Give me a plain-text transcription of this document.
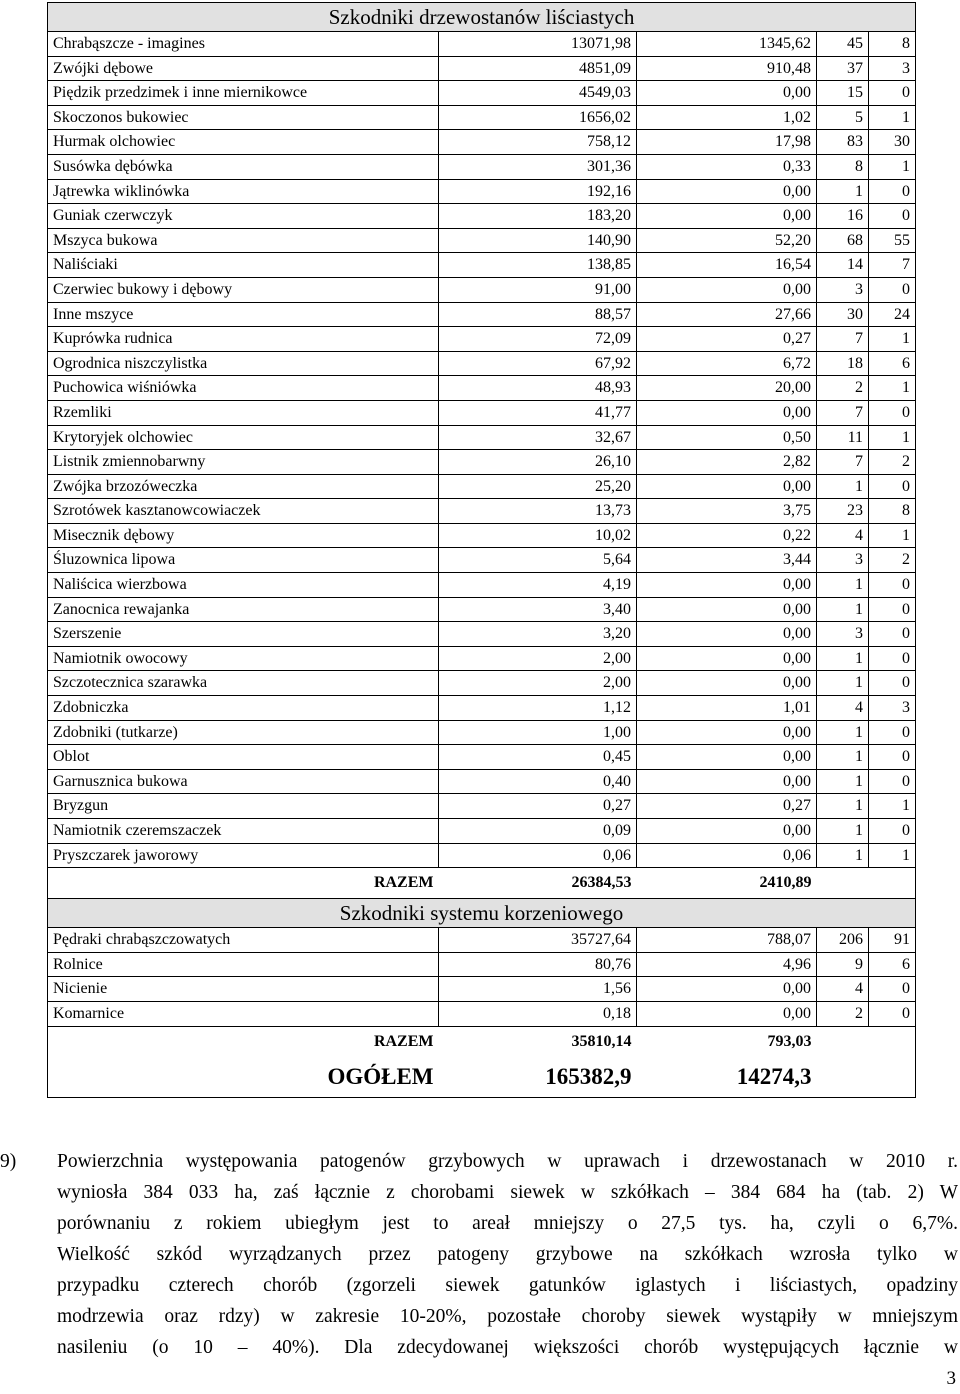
Szkodniki drzewostanów liściastych				
Chrabąszcze - imagines	13071,98	1345,62	45	8
Zwójki dębowe	4851,09	910,48	37	3
Piędzik przedzimek i inne miernikowce	4549,03	0,00	15	0
Skoczonos bukowiec	1656,02	1,02	5	1
Hurmak olchowiec	758,12	17,98	83	30
Susówka dębówka	301,36	0,33	8	1
Jątrewka wiklinówka	192,16	0,00	1	0
Guniak czerwczyk	183,20	0,00	16	0
Mszyca bukowa	140,90	52,20	68	55
Naliściaki	138,85	16,54	14	7
Czerwiec bukowy i dębowy	91,00	0,00	3	0
Inne mszyce	88,57	27,66	30	24
Kuprówka rudnica	72,09	0,27	7	1
Ogrodnica niszczylistka	67,92	6,72	18	6
Puchowica wiśniówka	48,93	20,00	2	1
Rzemliki	41,77	0,00	7	0
Krytoryjek olchowiec	32,67	0,50	11	1
Listnik zmiennobarwny	26,10	2,82	7	2
Zwójka brzozóweczka	25,20	0,00	1	0
Szrotówek kasztanowcowiaczek	13,73	3,75	23	8
Misecznik dębowy	10,02	0,22	4	1
Śluzownica lipowa	5,64	3,44	3	2
Naliścica wierzbowa	4,19	0,00	1	0
Zanocnica rewajanka	3,40	0,00	1	0
Szerszenie	3,20	0,00	3	0
Namiotnik owocowy	2,00	0,00	1	0
Szczotecznica szarawka	2,00	0,00	1	0
Zdobniczka	1,12	1,01	4	3
Zdobniki (tutkarze)	1,00	0,00	1	0
Oblot	0,45	0,00	1	0
Garnusznica bukowa	0,40	0,00	1	0
Bryzgun	0,27	0,27	1	1
Namiotnik czeremszaczek	0,09	0,00	1	0
Pryszczarek jaworowy	0,06	0,06	1	1
RAZEM	26384,53	2410,89		
Szkodniki systemu korzeniowego				
Pędraki chrabąszczowatych	35727,64	788,07	206	91
Rolnice	80,76	4,96	9	6
Nicienie	1,56	0,00	4	0
Komarnice	0,18	0,00	2	0
RAZEM	35810,14	793,03		
OGÓŁEM	165382,9	14274,3		
9)	Powierzchnia występowania patogenów grzybowych w uprawach i drzewostanach w 2010 r.
wyniosła 384 033 ha, zaś łącznie z chorobami siewek w szkółkach – 384 684 ha (tab. 2) W
porównaniu z rokiem ubiegłym jest to areał mniejszy o 27,5 tys. ha, czyli o 6,7%.
Wielkość szkód wyrządzanych przez patogeny grzybowe na szkółkach wzrosła tylko w
przypadku czterech chorób (zgorzeli siewek gatunków iglastych i liściastych, opadziny
modrzewia oraz rdzy) w zakresie 10-20%, pozostałe choroby siewek wystąpiły w mniejszym
nasileniu (o 10 – 40%). Dla zdecydowanej większości chorób występujących łącznie w
3
